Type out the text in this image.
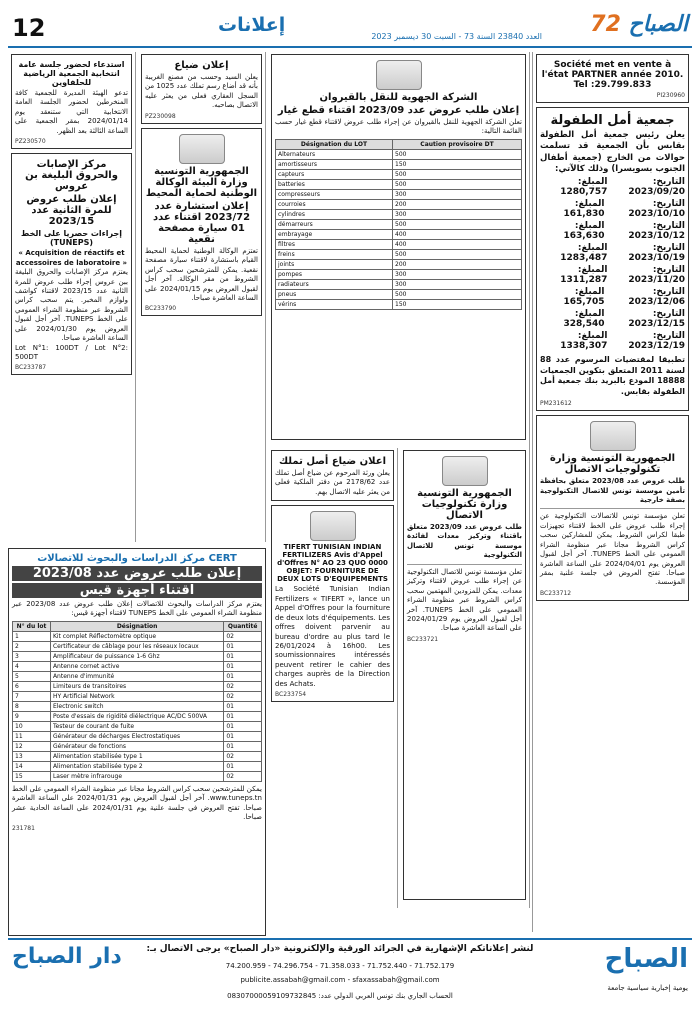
12	إعلانات	72 الصباح
العدد 23840 السنة 73 - السبت 30 ديسمبر 2023
Société met en vente à l'état PARTNER année 2010. Tel :29.799.833
PI230960
جمعية أمل الطفولة
يعلن رئيس جمعية أمل الطفولة بقابس بأن الجمعية قد تسلمت حوالات من الخارج (جمعية أطفال الجنوب بسويسرا) وذلك كالآتي:
التاريخ: 2023/09/20
المبلغ: 1280,757
التاريخ: 2023/10/10
المبلغ: 161,830
التاريخ: 2023/10/12
المبلغ: 163,630
التاريخ: 2023/10/19
المبلغ: 1283,487
التاريخ: 2023/11/20
المبلغ: 1311,287
التاريخ: 2023/12/06
المبلغ: 165,705
التاريخ: 2023/12/15
المبلغ: 328,540
التاريخ: 2023/12/19
المبلغ: 1338,307
تطبيقا لمقتضيات المرسوم عدد 88 لسنة 2011 المتعلق بتكوين الجمعيات 18888 المودع بالبريد بنك جمعية أمل الطفولة بقابس.
PM231612
الجمهورية التونسية وزارة تكنولوجيات الاتصال
طلب عروض عدد 2023/08 متعلق بحافظة تأمين موسسة تونس للاتصال التكنولوجية بصفة خارجية
تعلن مؤسسة تونس للاتصالات التكنولوجية عن إجراء طلب عروض على الخط لاقتناء تجهيزات طبقا لكراس الشروط. يمكن للمشاركين سحب كراس الشروط مجانا عبر منظومة الشراء العمومي على الخط TUNEPS. آخر أجل لقبول العروض يوم 2024/04/01 على الساعة العاشرة صباحا. تفتح العروض في جلسة علنية بمقر المؤسسة.
BC233712
الشركة الجهوية للنقل بالقيروان
إعلان طلب عروض عدد 2023/09 اقتناء قطع غيار
تعلن الشركة الجهوية للنقل بالقيروان عن إجراء طلب عروض لاقتناء قطع غيار حسب القائمة التالية:
Désignation du LOT	Caution provisoire DT
Alternateurs	500
amortisseurs	150
capteurs	500
batteries	500
compresseurs	300
courroies	200
cylindres	300
démarreurs	500
embrayage	400
filtres	400
freins	500
joints	200
pompes	300
radiateurs	300
pneus	500
vérins	150
الجمهورية التونسية وزارة تكنولوجيات الاتصال
طلب عروض عدد 2023/09 متعلق باقتناء وتركيز معدات لفائدة موسسة تونس للاتصال التكنولوجية
تعلن مؤسسة تونس للاتصال التكنولوجية عن إجراء طلب عروض لاقتناء وتركيز معدات. يمكن للمزودين المهتمين سحب كراس الشروط عبر منظومة الشراء العمومي على الخط TUNEPS. آخر أجل لقبول العروض يوم 2024/01/29 على الساعة العاشرة صباحا.
BC233721
إعلان ضياع
يعلن السيد وحسب من مصنع الغريبة بأنه قد أضاع رسم تملك عدد 1025 من السجل العقاري فعلى من يعثر عليه الاتصال بصاحبه.
PZ230098
الجمهورية التونسية وزارة البيئة الوكالة الوطنية لحماية المحيط
إعلان استشارة عدد 2023/72 اقتناء عدد 01 سيارة مصفحة نقعية
تعتزم الوكالة الوطنية لحماية المحيط القيام باستشارة لاقتناء سيارة مصفحة نقعية. يمكن للمترشحين سحب كراس الشروط من مقر الوكالة. آخر أجل لقبول العروض يوم 2024/01/15 على الساعة العاشرة صباحا.
BC233790
اعلان ضياع أصل تملك
يعلن ورثة المرحوم عن ضياع أصل تملك عدد 2178/62 من دفتر الملكية فعلى من يعثر عليه الاتصال بهم.
TIFERT TUNISIAN INDIAN FERTILIZERS Avis d'Appel d'Offres N° AO 23 QUO 0000 OBJET: FOURNITURE DE DEUX LOTS D'EQUIPEMENTS
La Société Tunisian Indian Fertilizers « TIFERT », lance un Appel d'Offres pour la fourniture de deux lots d'équipements. Les offres doivent parvenir au bureau d'ordre au plus tard le 26/01/2024 à 16h00. Les soumissionnaires intéressés peuvent retirer le cahier des charges auprès de la Direction des Achats.
BC233754
استدعاء لحضور جلسة عامة انتخابية الجمعية الرياضية للحلفاوين
تدعو الهيئة المديرة للجمعية كافة المنخرطين لحضور الجلسة العامة الانتخابية التي ستنعقد يوم 2024/01/14 بمقر الجمعية على الساعة الثالثة بعد الظهر.
PZ230570
مركز الإصابات والحروق البليغة بن عروس
إعلان طلب عروض للمرة الثانية عدد 2023/15
إجراءات حصريا على الخط (TUNEPS)
« Acquisition de réactifs et accessoires de laboratoire »
يعتزم مركز الإصابات والحروق البليغة ببن عروس إجراء طلب عروض للمرة الثانية عدد 2023/15 لاقتناء كواشف ولوازم المخبر. يتم سحب كراس الشروط عبر منظومة الشراء العمومي على الخط TUNEPS. آخر أجل لقبول العروض يوم 2024/01/30 على الساعة العاشرة صباحا.
Lot N°1: 100DT / Lot N°2: 500DT
BC233787
CERT مركز الدراسات والبحوث للاتصالات
إعلان طلب عروض عدد 2023/08
اقتناء أجهزة قيس
يعتزم مركز الدراسات والبحوث للاتصالات إعلان طلب عروض عدد 2023/08 عبر منظومة الشراء العمومي على الخط TUNEPS لاقتناء أجهزة قيس:
N° du lot	Désignation	Quantité
1	Kit complet Réflectomètre optique	02
2	Certificateur de câblage pour les réseaux locaux	01
3	Amplificateur de puissance 1-6 Ghz	01
4	Antenne cornet active	01
5	Antenne d'immunité	01
6	Limiteurs de transitoires	02
7	HY Artificial Network	02
8	Electronic switch	01
9	Poste d'essais de rigidité diélectrique AC/DC 500VA	01
10	Testeur de courant de fuite	01
11	Générateur de décharges Electrostatiques	01
12	Générateur de fonctions	01
13	Alimentation stabilisée type 1	02
14	Alimentation stabilisée type 2	01
15	Laser mètre infrarouge	02
يمكن للمترشحين سحب كراس الشروط مجانا عبر منظومة الشراء العمومي على الخط www.tuneps.tn. آخر أجل لقبول العروض يوم 2024/01/31 على الساعة العاشرة صباحا. تفتح العروض في جلسة علنية يوم 2024/01/31 على الساعة الحادية عشر صباحا.
231781
الصباح
يومية إخبارية سياسية جامعة
لنشر إعلاناتكم الإشهارية في الجرائد الورقية والإلكترونية «دار الصباح» يرجى الاتصال بـ:
71.752.179 - 71.752.440 - 71.358.033 - 74.296.754 - 74.200.959
publicite.assabah@gmail.com - sfaxassabah@gmail.com
الحساب الجاري بنك تونس العربي الدولي عدد: 08307000059109732845
دار الصباح
